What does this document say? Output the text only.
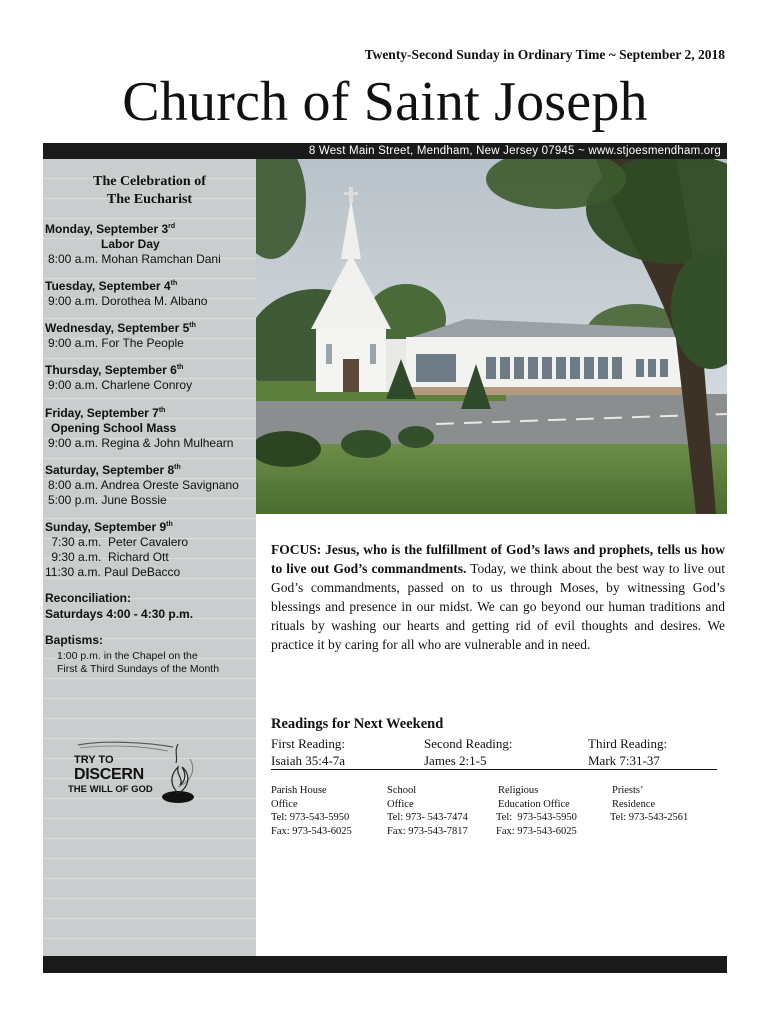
Twenty-Second Sunday in Ordinary Time ~ September 2, 2018
Church of Saint Joseph
8 West Main Street, Mendham, New Jersey 07945 ~ www.stjoesmendham.org
The Celebration of
The Eucharist
Monday, September 3rd
Labor Day
8:00 a.m. Mohan Ramchan Dani
Tuesday, September 4th
9:00 a.m. Dorothea M. Albano
Wednesday, September 5th
9:00 a.m. For The People
Thursday, September 6th
9:00 a.m. Charlene Conroy
Friday, September 7th
Opening School Mass
9:00 a.m. Regina & John Mulhearn
Saturday, September 8th
8:00 a.m. Andrea Oreste Savignano
5:00 p.m. June Bossie
Sunday, September 9th
7:30 a.m.  Peter Cavalero
9:30 a.m.  Richard Ott
11:30 a.m. Paul DeBacco
Reconciliation:
Saturdays 4:00 - 4:30 p.m.
Baptisms:
1:00 p.m. in the Chapel on the
First & Third Sundays of the Month
TRY TO
DISCERN
THE WILL OF GOD
FOCUS: Jesus, who is the fulfillment of God’s laws and prophets, tells us how to live out God’s commandments. Today, we think about the best way to live out God’s commandments, passed on to us through Moses, by witnessing God’s blessings and presence in our midst. We can go beyond our human traditions and rituals by washing our hearts and getting rid of evil thoughts and desires. We practice it by caring for all who are vulnerable and in need.
Readings for Next Weekend
First Reading:
Isaiah 35:4-7a
Second Reading:
James 2:1-5
Third Reading:
Mark 7:31-37
Parish House
Office
Tel: 973-543-5950
Fax: 973-543-6025
School
Office
Tel: 973- 543-7474
Fax: 973-543-7817
Religious
Education Office
Tel:  973-543-5950
Fax: 973-543-6025
Priests’
Residence
Tel: 973-543-2561
